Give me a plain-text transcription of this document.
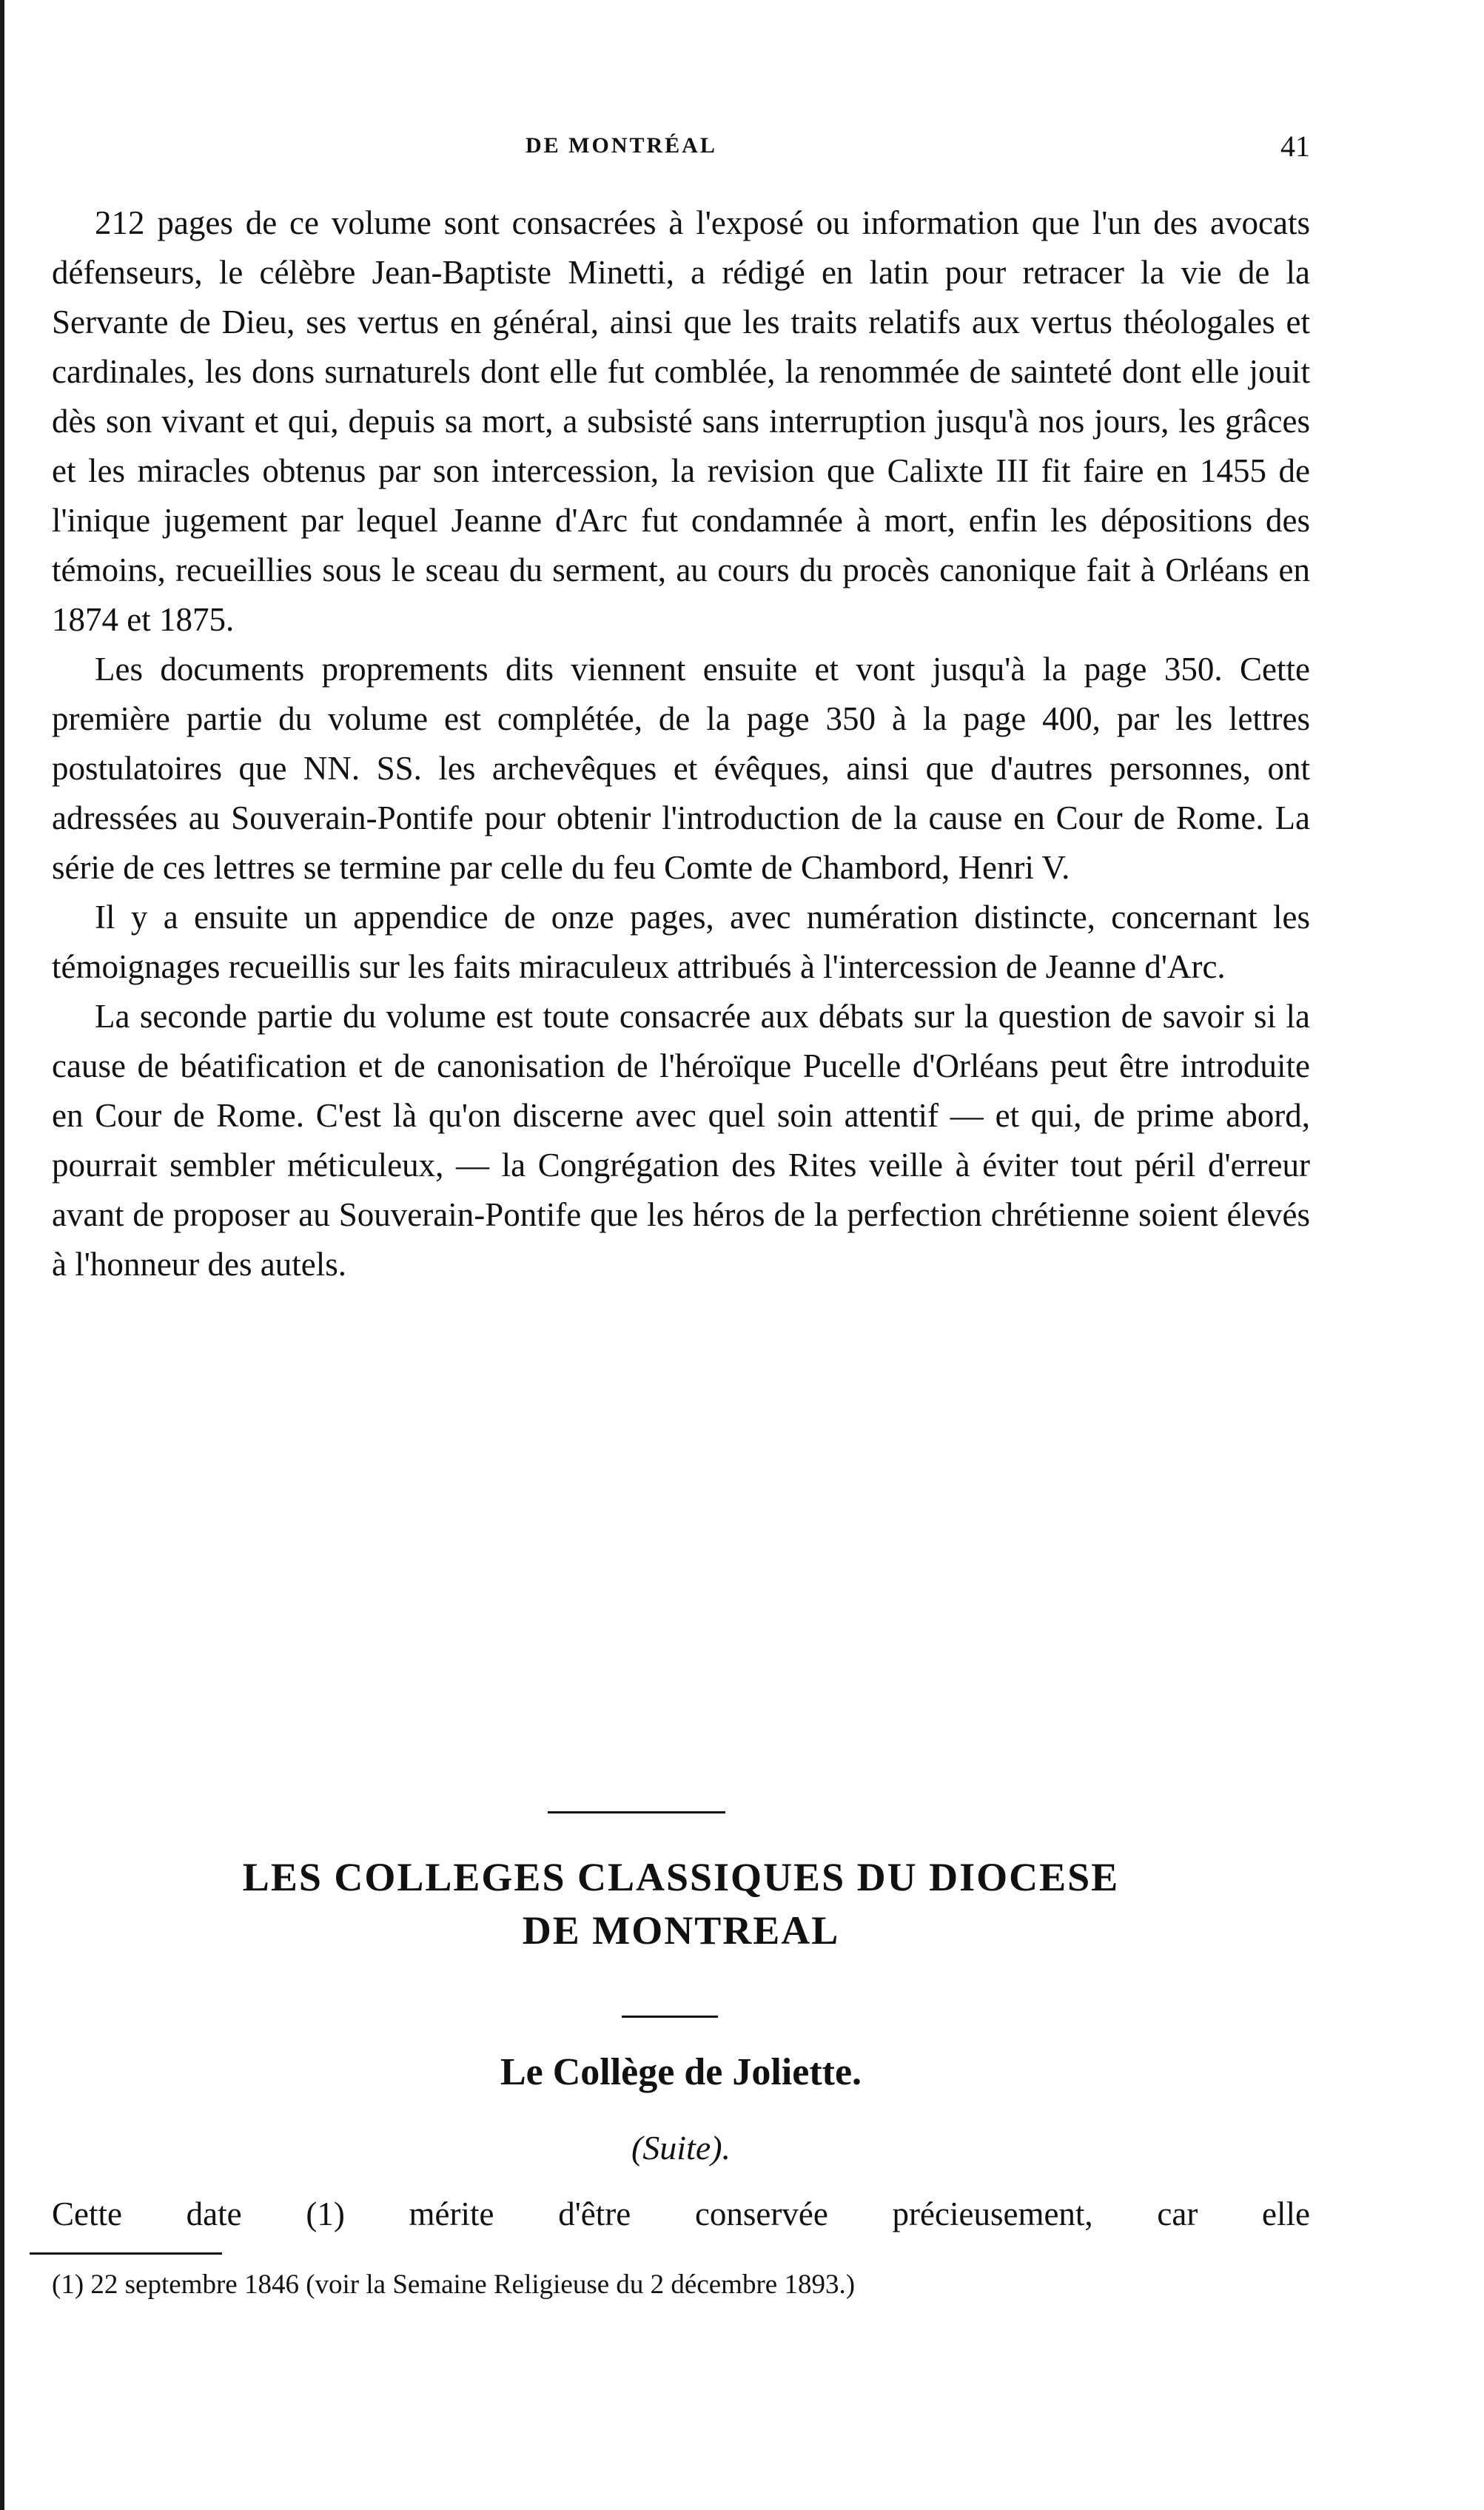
DE MONTRÉAL	41

212 pages de ce volume sont consacrées à l'exposé ou information que l'un des avocats défenseurs, le célèbre Jean-Baptiste Minetti, a rédigé en latin pour retracer la vie de la Servante de Dieu, ses vertus en général, ainsi que les traits relatifs aux vertus théologales et cardinales, les dons surnaturels dont elle fut comblée, la renommée de sainteté dont elle jouit dès son vivant et qui, depuis sa mort, a subsisté sans interruption jusqu'à nos jours, les grâces et les miracles obtenus par son intercession, la revision que Calixte III fit faire en 1455 de l'inique jugement par lequel Jeanne d'Arc fut condamnée à mort, enfin les dépositions des témoins, recueillies sous le sceau du serment, au cours du procès canonique fait à Orléans en 1874 et 1875.

Les documents proprements dits viennent ensuite et vont jusqu'à la page 350. Cette première partie du volume est complétée, de la page 350 à la page 400, par les lettres postulatoires que NN. SS. les archevêques et évêques, ainsi que d'autres personnes, ont adressées au Souverain-Pontife pour obtenir l'introduction de la cause en Cour de Rome. La série de ces lettres se termine par celle du feu Comte de Chambord, Henri V.

Il y a ensuite un appendice de onze pages, avec numération distincte, concernant les témoignages recueillis sur les faits miraculeux attribués à l'intercession de Jeanne d'Arc.

La seconde partie du volume est toute consacrée aux débats sur la question de savoir si la cause de béatification et de canonisation de l'héroïque Pucelle d'Orléans peut être introduite en Cour de Rome. C'est là qu'on discerne avec quel soin attentif — et qui, de prime abord, pourrait sembler méticuleux, — la Congrégation des Rites veille à éviter tout péril d'erreur avant de proposer au Souverain-Pontife que les héros de la perfection chrétienne soient élevés à l'honneur des autels.

LES COLLEGES CLASSIQUES DU DIOCESE
DE MONTREAL
Le Collège de Joliette.
(Suite).
Cette date (1) mérite d'être conservée précieusement, car elle
(1) 22 septembre 1846 (voir la Semaine Religieuse du 2 décembre 1893.)
